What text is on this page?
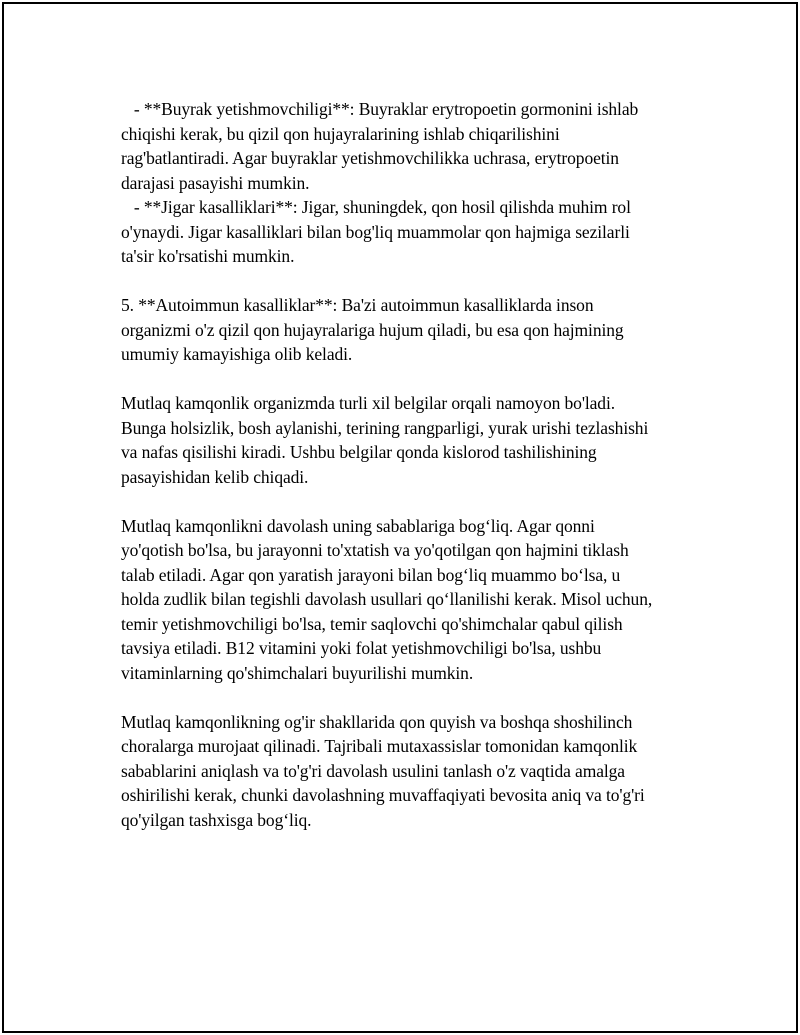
- **Buyrak yetishmovchiligi**: Buyraklar erytropoetin gormonini ishlab
chiqishi kerak, bu qizil qon hujayralarining ishlab chiqarilishini
rag'batlantiradi. Agar buyraklar yetishmovchilikka uchrasa, erytropoetin
darajasi pasayishi mumkin.
- **Jigar kasalliklari**: Jigar, shuningdek, qon hosil qilishda muhim rol
o'ynaydi. Jigar kasalliklari bilan bog'liq muammolar qon hajmiga sezilarli
ta'sir ko'rsatishi mumkin.
5. **Autoimmun kasalliklar**: Ba'zi autoimmun kasalliklarda inson
organizmi o'z qizil qon hujayralariga hujum qiladi, bu esa qon hajmining
umumiy kamayishiga olib keladi.
Mutlaq kamqonlik organizmda turli xil belgilar orqali namoyon bo'ladi.
Bunga holsizlik, bosh aylanishi, terining rangparligi, yurak urishi tezlashishi
va nafas qisilishi kiradi. Ushbu belgilar qonda kislorod tashilishining
pasayishidan kelib chiqadi.
Mutlaq kamqonlikni davolash uning sabablariga bog‘liq. Agar qonni
yo'qotish bo'lsa, bu jarayonni to'xtatish va yo'qotilgan qon hajmini tiklash
talab etiladi. Agar qon yaratish jarayoni bilan bog‘liq muammo bo‘lsa, u
holda zudlik bilan tegishli davolash usullari qo‘llanilishi kerak. Misol uchun,
temir yetishmovchiligi bo'lsa, temir saqlovchi qo'shimchalar qabul qilish
tavsiya etiladi. B12 vitamini yoki folat yetishmovchiligi bo'lsa, ushbu
vitaminlarning qo'shimchalari buyurilishi mumkin.
Mutlaq kamqonlikning og'ir shakllarida qon quyish va boshqa shoshilinch
choralarga murojaat qilinadi. Tajribali mutaxassislar tomonidan kamqonlik
sabablarini aniqlash va to'g'ri davolash usulini tanlash o'z vaqtida amalga
oshirilishi kerak, chunki davolashning muvaffaqiyati bevosita aniq va to'g'ri
qo'yilgan tashxisga bog‘liq.
